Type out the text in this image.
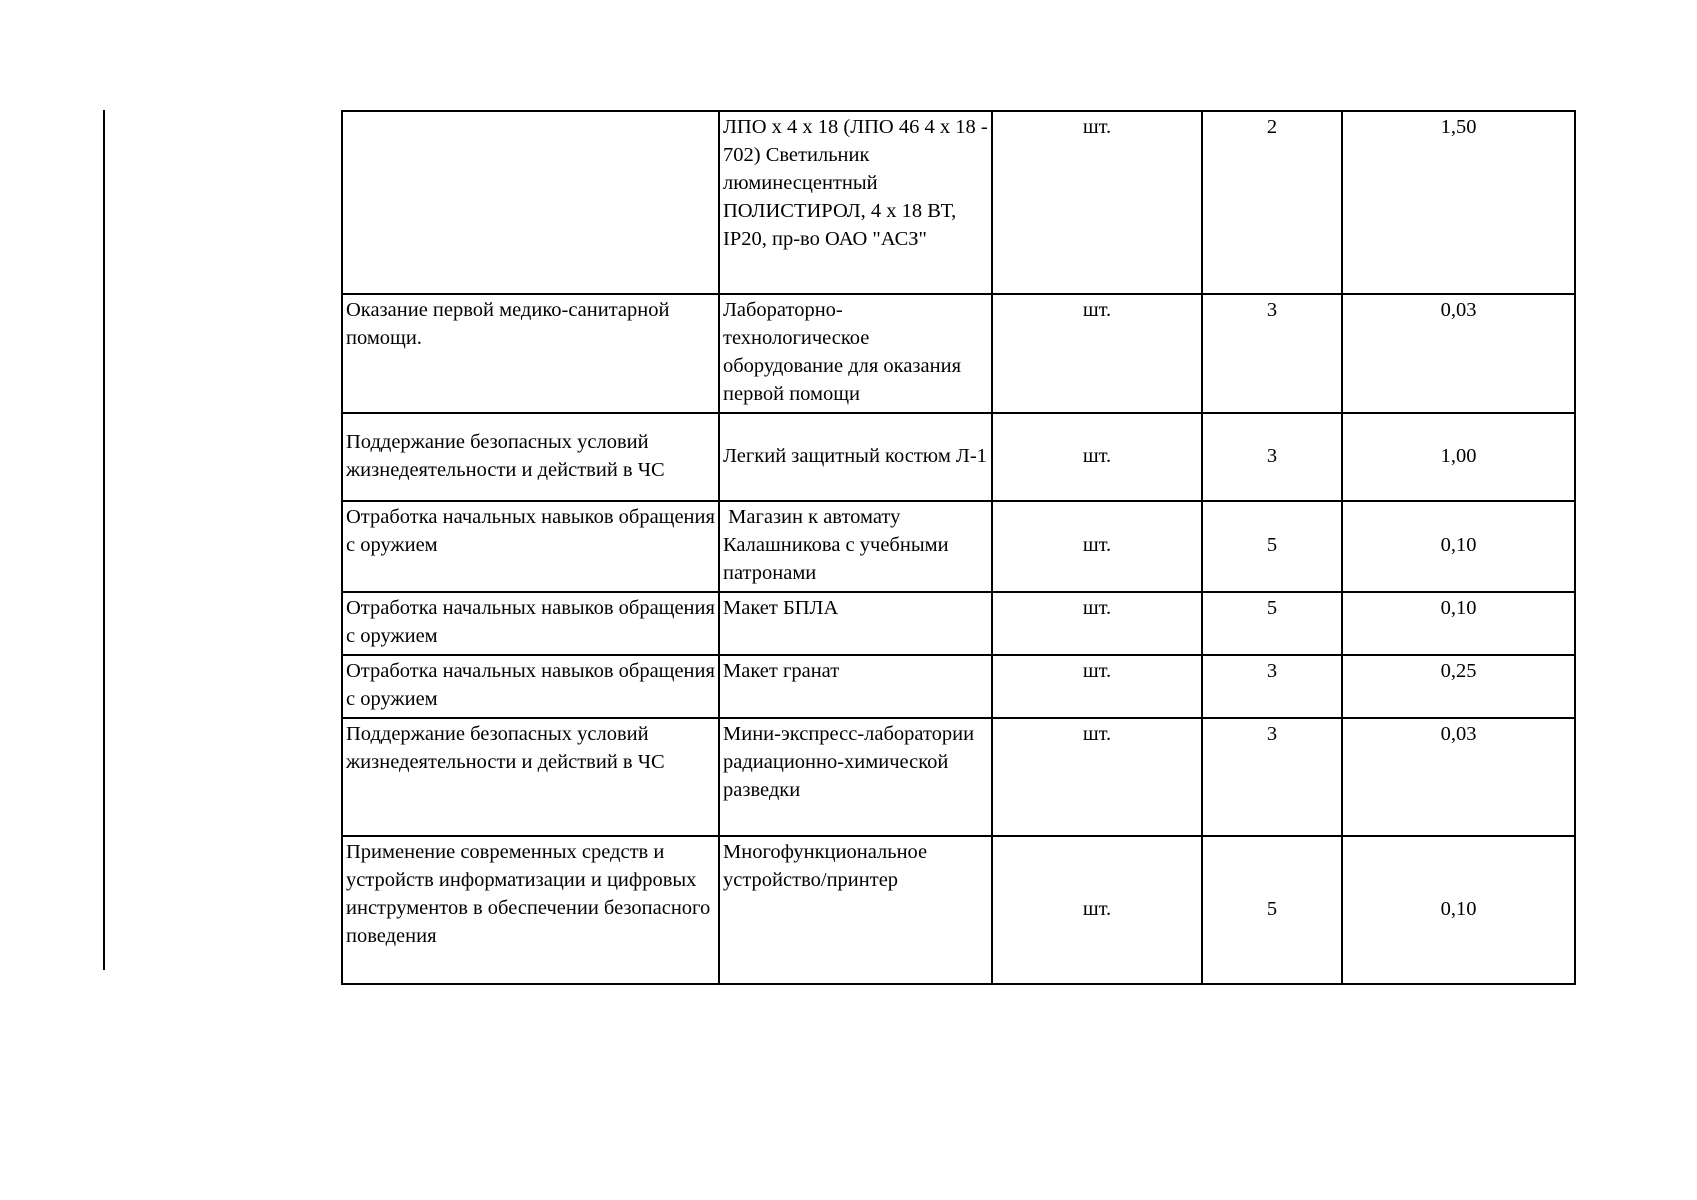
	ЛПО х 4 х 18 (ЛПО 46 4 х 18 - 702) Светильник люминесцентный ПОЛИСТИРОЛ, 4 х 18 ВТ, IP20, пр-во ОАО "АСЗ"	шт.	2	1,50
Оказание первой медико-санитарной помощи.	Лабораторно-технологическое оборудование для оказания первой помощи	шт.	3	0,03
Поддержание безопасных условий жизнедеятельности и действий в ЧС	Легкий защитный костюм Л-1	шт.	3	1,00
Отработка начальных навыков обращения с оружием	Магазин к автомату Калашникова с учебными патронами	шт.	5	0,10
Отработка начальных навыков обращения с оружием	Макет БПЛА	шт.	5	0,10
Отработка начальных навыков обращения с оружием	Макет гранат	шт.	3	0,25
Поддержание безопасных условий жизнедеятельности и действий в ЧС	Мини-экспресс-лаборатории радиационно-химической разведки	шт.	3	0,03
Применение современных средств и устройств информатизации и цифровых инструментов в обеспечении безопасного поведения	Многофункциональное устройство/принтер	шт.	5	0,10
